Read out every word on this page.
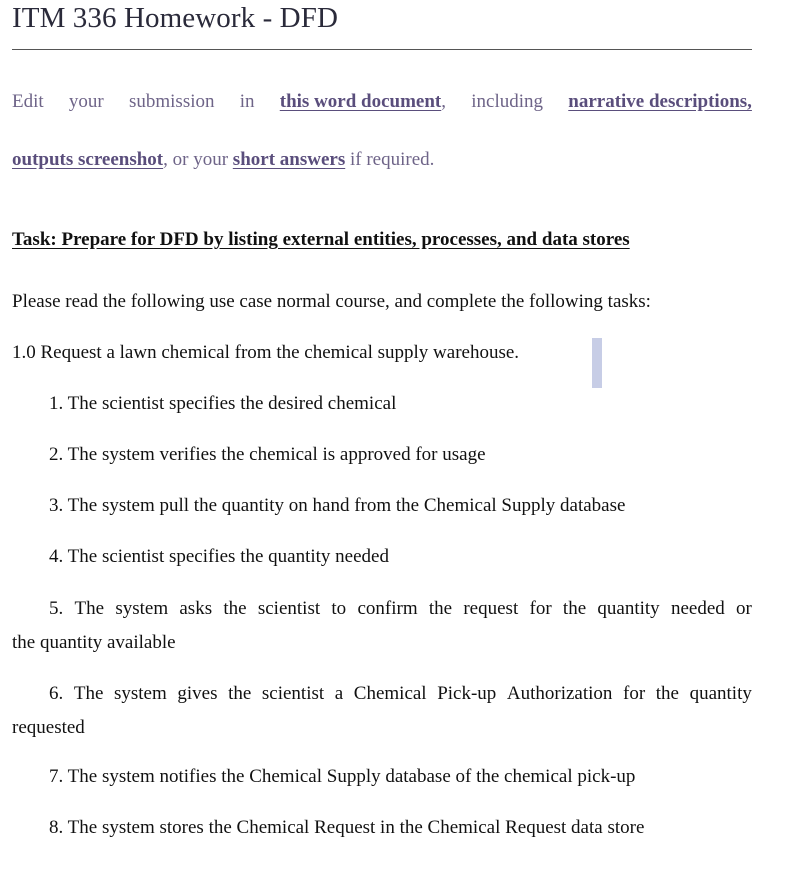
ITM 336 Homework - DFD
Edit your submission in this word document, including narrative descriptions,
outputs screenshot, or your short answers if required.
Task: Prepare for DFD by listing external entities, processes, and data stores
Please read the following use case normal course, and complete the following tasks:
1.0 Request a lawn chemical from the chemical supply warehouse.
1. The scientist specifies the desired chemical
2. The system verifies the chemical is approved for usage
3. The system pull the quantity on hand from the Chemical Supply database
4. The scientist specifies the quantity needed
5. The system asks the scientist to confirm the request for the quantity needed or
the quantity available
6. The system gives the scientist a Chemical Pick-up Authorization for the quantity
requested
7. The system notifies the Chemical Supply database of the chemical pick-up
8. The system stores the Chemical Request in the Chemical Request data store
